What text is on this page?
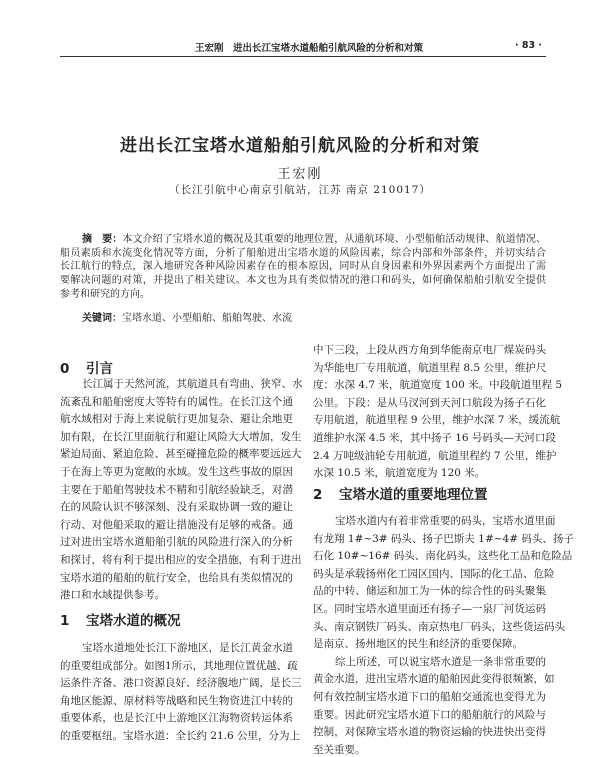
王宏刚　 进出长江宝塔水道船舶引航风险的分析和对策	· 83 ·
进出长江宝塔水道船舶引航风险的分析和对策
王宏刚
（长江引航中心南京引航站，江苏 南京 210017）
摘　要：本文介绍了宝塔水道的概况及其重要的地理位置，从通航环境、小型船舶活动规律、航道情况、
船员素质和水流变化情况等方面，分析了船舶进出宝塔水道的风险因素，综合内部和外部条件，并切实结合
长江航行的特点，深入地研究各种风险因素存在的根本原因，同时从自身因素和外界因素两个方面提出了需
要解决问题的对策，并提出了相关建议。本文也为具有类似情况的港口和码头，如何确保船舶引航安全提供
参考和研究的方向。
关键词：宝塔水道、小型船舶、船舶驾驶、水流
0 引言
长江属于天然河流，其航道具有弯曲、狭窄、水
流紊乱和船舶密度大等特有的属性。在长江这个通
航水域相对于海上来说航行更加复杂、避让余地更
加有限，在长江里面航行和避让风险大大增加，发生
紧迫局面、紧迫危险、甚至碰撞危险的概率要远远大
于在海上等更为宽敞的水域。发生这些事故的原因
主要在于船舶驾驶技术不精和引航经验缺乏，对潜
在的风险认识不够深刻、没有采取协调一致的避让
行动、对他船采取的避让措施没有足够的戒备。通
过对进出宝塔水道船舶引航的风险进行深入的分析
和探讨，将有利于提出相应的安全措施，有利于进出
宝塔水道的船舶的航行安全，也给具有类似情况的
港口和水域提供参考。
1 宝塔水道的概况
宝塔水道地处长江下游地区，是长江黄金水道
的重要组成部分。如图1所示，其地理位置优越、疏
运条件齐备、港口资源良好、经济腹地广阔，是长三
角地区能源、原材料等战略和民生物资进江中转的
重要体系，也是长江中上游地区江海物资转运体系
的重要枢纽。宝塔水道：全长约 21.6 公里，分为上
中下三段，上段从西方角到华能南京电厂煤炭码头
为华能电厂专用航道，航道里程 8.5 公里，维护尺
度：水深 4.7 米，航道宽度 100 米。中段航道里程 5
公里。下段：是从马汊河到天河口航段为扬子石化
专用航道，航道里程 9 公里，维护水深 7 米，缓流航
道维护水深 4.5 米，其中扬子 16 号码头—天河口段
2.4 万吨级油轮专用航道，航道里程约 7 公里，维护
水深 10.5 米，航道宽度为 120 米。
2 宝塔水道的重要地理位置
宝塔水道内有着非常重要的码头，宝塔水道里面
有龙翔 1#~3# 码头、扬子巴斯夫 1#~4# 码头、扬子
石化 10#~16# 码头、南化码头，这些化工品和危险品
码头是承载扬州化工园区国内、国际的化工品、危险
品的中转、储运和加工为一体的综合性的码头聚集
区。同时宝塔水道里面还有扬子—一泉厂河货运码
头、南京钢铁厂码头、南京热电厂码头，这些货运码头
是南京、扬州地区的民生和经济的重要保障。
综上所述，可以说宝塔水道是一条非常重要的
黄金水道，进出宝塔水道的船舶因此变得很频繁，如
何有效控制宝塔水道下口的船舶交通流也变得尤为
重要。因此研究宝塔水道下口的船舶航行的风险与
控制，对保障宝塔水道的物资运输的快进快出变得
至关重要。
